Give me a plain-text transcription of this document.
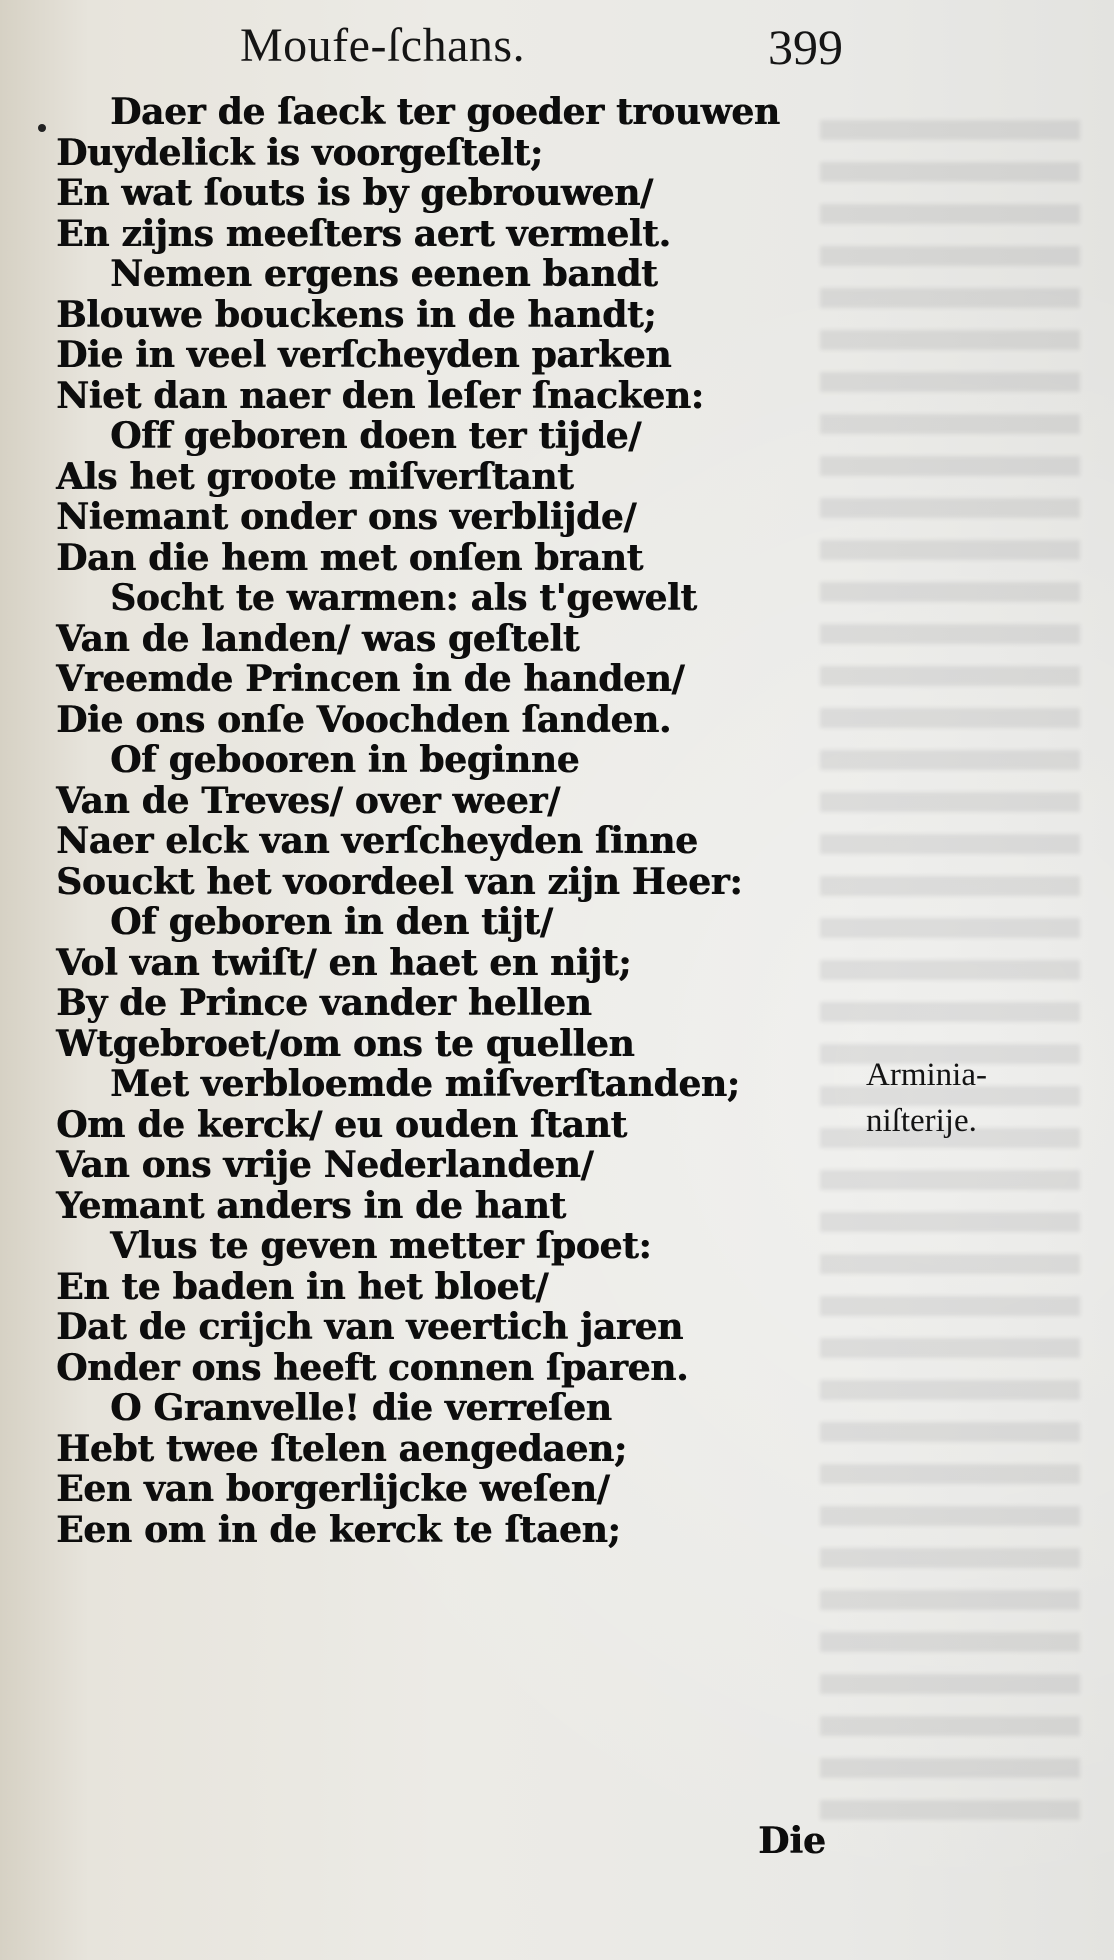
Moufe-ſchans.	399
Daer de ſaeck ter goeder trouwen
Duydelick is voorgeſtelt;
En wat ſouts is by gebrouwen/
En zijns meeſters aert vermelt.
Nemen ergens eenen bandt
Blouwe bouckens in de handt;
Die in veel verſcheyden parken
Niet dan naer den leſer ſnacken:
Off geboren doen ter tijde/
Als het groote miſverſtant
Niemant onder ons verblijde/
Dan die hem met onſen brant
Socht te warmen: als t'gewelt
Van de landen/ was geſtelt
Vreemde Princen in de handen/
Die ons onſe Voochden ſanden.
Of gebooren in beginne
Van de Treves/ over weer/
Naer elck van verſcheyden ſinne
Souckt het voordeel van zijn Heer:
Of geboren in den tijt/
Vol van twiſt/ en haet en nijt;
By de Prince vander hellen
Wtgebroet/om ons te quellen
Met verbloemde miſverſtanden;
Om de kerck/ eu ouden ſtant
Van ons vrije Nederlanden/
Yemant anders in de hant
Vlus te geven metter ſpoet:
En te baden in het bloet/
Dat de crijch van veertich jaren
Onder ons heeft connen ſparen.
O Granvelle! die verreſen
Hebt twee ſtelen aengedaen;
Een van borgerlijcke weſen/
Een om in de kerck te ſtaen;
Arminia-
niſterije.
Die
